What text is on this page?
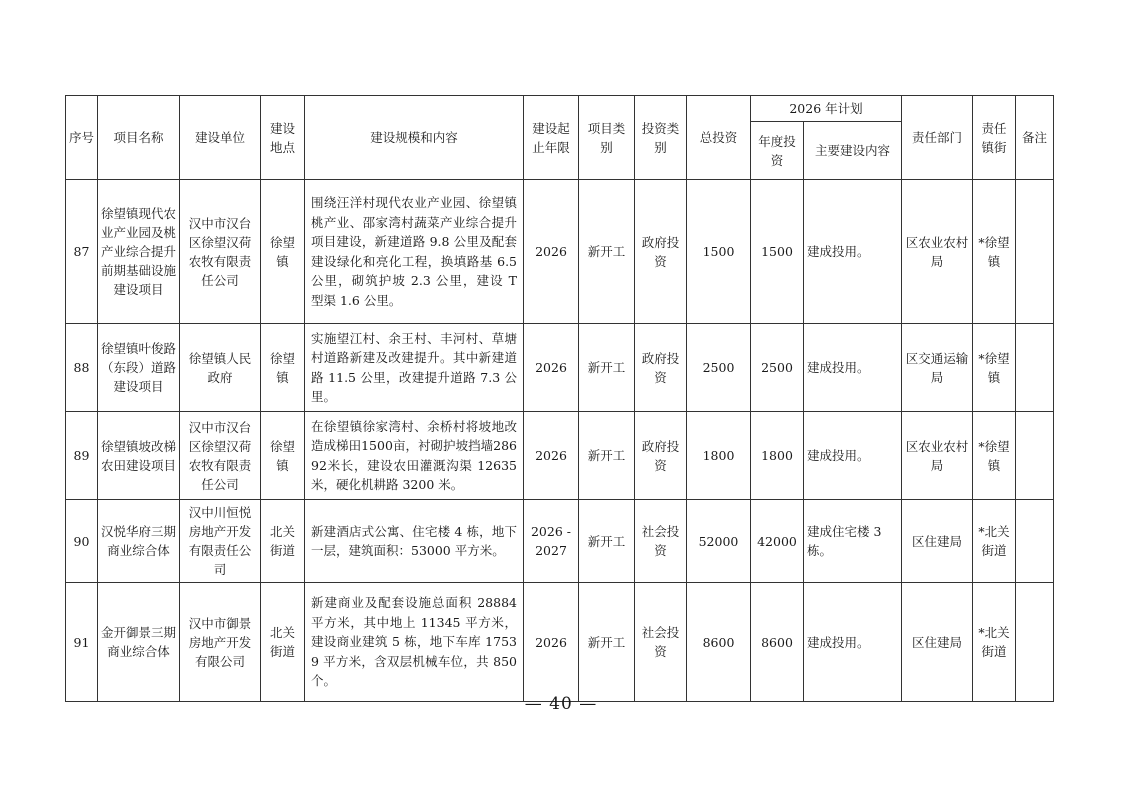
序号	项目名称	建设单位	建设地点	建设规模和内容	建设起止年限	项目类别	投资类别	总投资	2026 年计划		责任部门	责任镇街	备注
									年度投资	主要建设内容			
87	徐望镇现代农业产业园及桃产业综合提升前期基础设施建设项目	汉中市汉台区徐望汉荷农牧有限责任公司	徐望镇	围绕汪洋村现代农业产业园、徐望镇桃产业、邵家湾村蔬菜产业综合提升项目建设，新建道路 9.8 公里及配套建设绿化和亮化工程，换填路基 6.5 公里，砌筑护坡 2.3 公里，建设 T 型渠 1.6 公里。	2026	新开工	政府投资	1500	1500	建成投用。	区农业农村局	*徐望镇	
88	徐望镇叶俊路（东段）道路建设项目	徐望镇人民政府	徐望镇	实施望江村、余王村、丰河村、草塘村道路新建及改建提升。其中新建道路 11.5 公里，改建提升道路 7.3 公里。	2026	新开工	政府投资	2500	2500	建成投用。	区交通运输局	*徐望镇	
89	徐望镇坡改梯农田建设项目	汉中市汉台区徐望汉荷农牧有限责任公司	徐望镇	在徐望镇徐家湾村、余桥村将坡地改造成梯田1500亩，衬砌护坡挡墙28692米长，建设农田灌溉沟渠 12635 米，硬化机耕路 3200 米。	2026	新开工	政府投资	1800	1800	建成投用。	区农业农村局	*徐望镇	
90	汉悦华府三期商业综合体	汉中川恒悦房地产开发有限责任公司	北关街道	新建酒店式公寓、住宅楼 4 栋，地下一层，建筑面积：53000 平方米。	2026 - 2027	新开工	社会投资	52000	42000	建成住宅楼 3 栋。	区住建局	*北关街道	
91	金开御景三期商业综合体	汉中市御景房地产开发有限公司	北关街道	新建商业及配套设施总面积 28884 平方米，其中地上 11345 平方米，建设商业建筑 5 栋，地下车库 17539 平方米，含双层机械车位，共 850 个。	2026	新开工	社会投资	8600	8600	建成投用。	区住建局	*北关街道	
— 40 —
